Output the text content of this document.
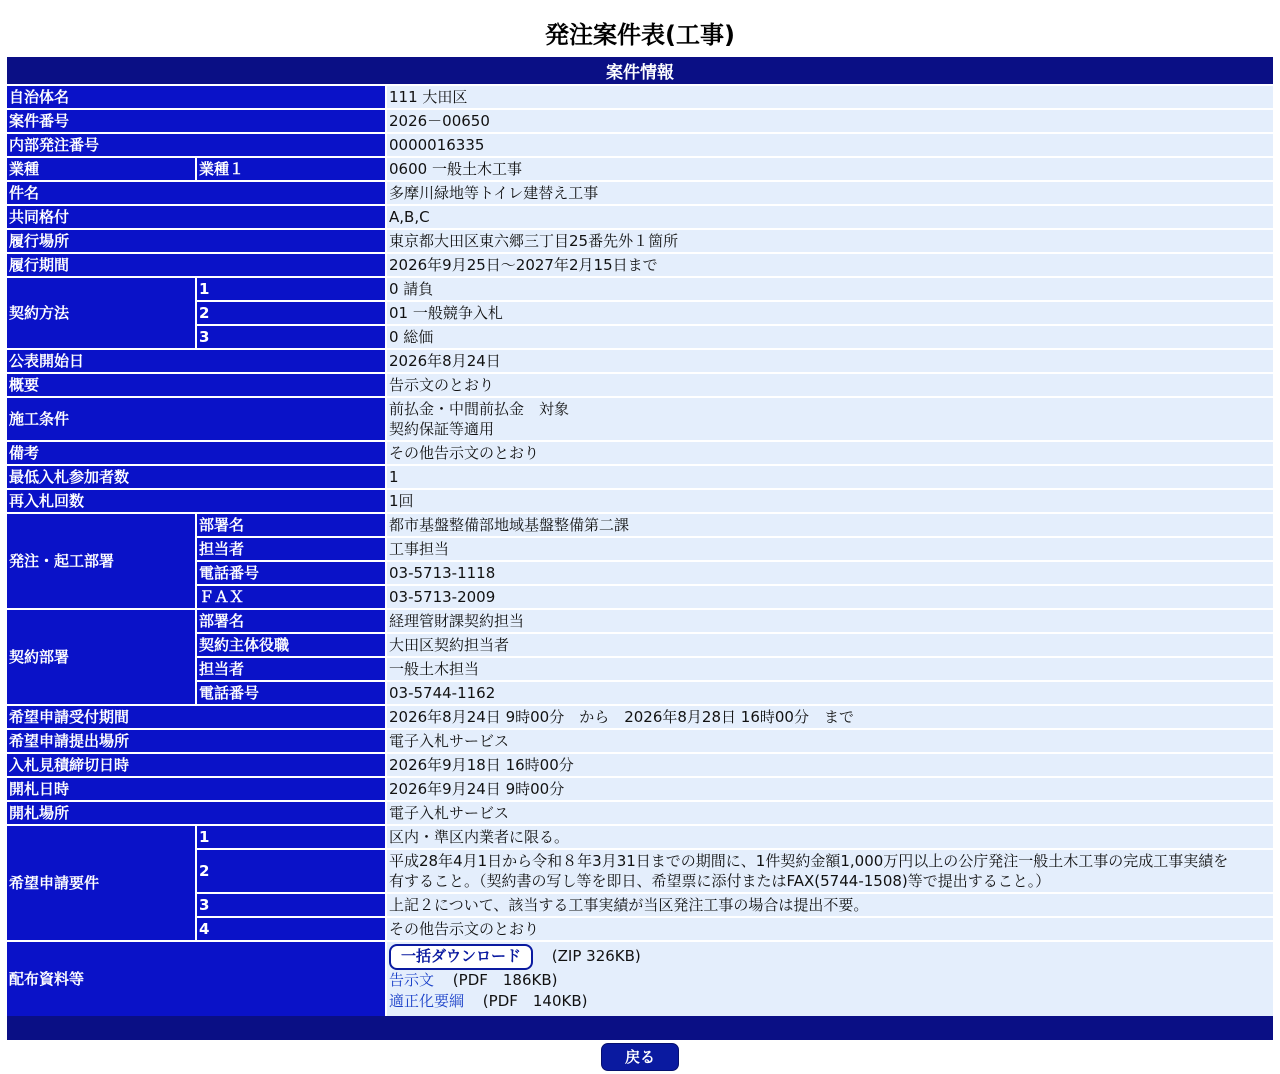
発注案件表(工事)
案件情報		
自治体名		111 大田区
案件番号		2026－00650
内部発注番号		0000016335
業種	業種１	0600 一般土木工事
件名		多摩川緑地等トイレ建替え工事
共同格付		A,B,C
履行場所		東京都大田区東六郷三丁目25番先外１箇所
履行期間		2026年9月25日～2027年2月15日まで
契約方法	1	0 請負
	2	01 一般競争入札
	3	0 総価
公表開始日		2026年8月24日
概要		告示文のとおり
施工条件		前払金・中間前払金　対象
契約保証等適用

備考		その他告示文のとおり
最低入札参加者数		1
再入札回数		1回
発注・起工部署	部署名	都市基盤整備部地域基盤整備第二課
	担当者	工事担当
	電話番号	03-5713-1118
	ＦＡＸ	03-5713-2009
契約部署	部署名	経理管財課契約担当
	契約主体役職	大田区契約担当者
	担当者	一般土木担当
	電話番号	03-5744-1162
希望申請受付期間		2026年8月24日 9時00分　から　2026年8月28日 16時00分　まで
希望申請提出場所		電子入札サービス
入札見積締切日時		2026年9月18日 16時00分
開札日時		2026年9月24日 9時00分
開札場所		電子入札サービス
希望申請要件	1	区内・準区内業者に限る。
	2	平成28年4月1日から令和８年3月31日までの期間に、1件契約金額1,000万円以上の公庁発注一般土木工事の完成工事実績を
有すること。（契約書の写し等を即日、希望票に添付またはFAX(5744-1508)等で提出すること。）

	3	上記２について、該当する工事実績が当区発注工事の場合は提出不要。
	4	その他告示文のとおり
配布資料等		一括ダウンロード (ZIP 326KB)
告示文 (PDF　186KB)
適正化要綱 (PDF　140KB)
戻る
